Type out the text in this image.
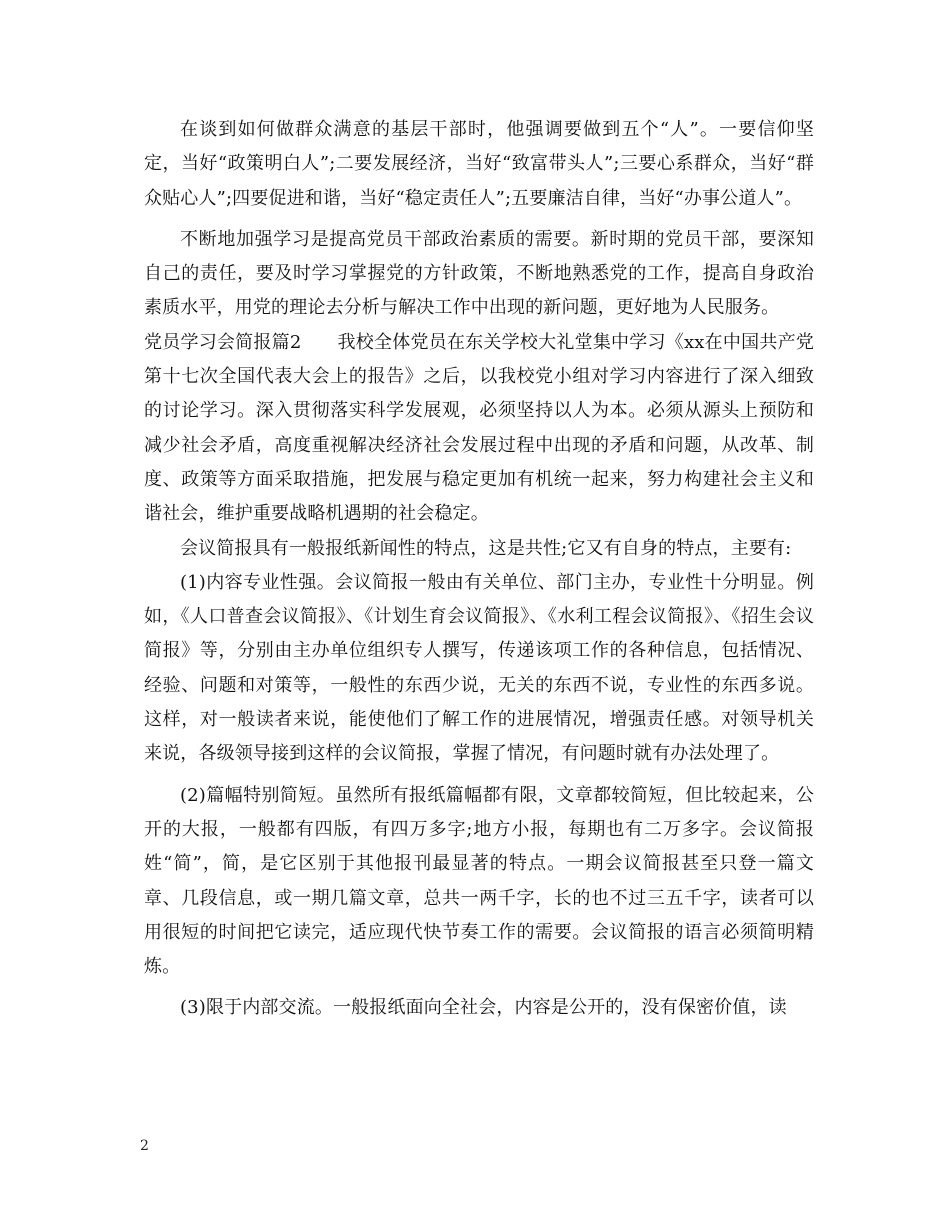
在谈到如何做群众满意的基层干部时，他强调要做到五个“人”。一要信仰坚定，当好“政策明白人”;二要发展经济，当好“致富带头人”;三要心系群众，当好“群众贴心人”;四要促进和谐，当好“稳定责任人”;五要廉洁自律，当好“办事公道人”。

不断地加强学习是提高党员干部政治素质的需要。新时期的党员干部，要深知自己的责任，要及时学习掌握党的方针政策，不断地熟悉党的工作，提高自身政治素质水平，用党的理论去分析与解决工作中出现的新问题，更好地为人民服务。

党员学习会简报篇2 我校全体党员在东关学校大礼堂集中学习《xx在中国共产党第十七次全国代表大会上的报告》之后，以我校党小组对学习内容进行了深入细致的讨论学习。深入贯彻落实科学发展观，必须坚持以人为本。必须从源头上预防和减少社会矛盾，高度重视解决经济社会发展过程中出现的矛盾和问题，从改革、制度、政策等方面采取措施，把发展与稳定更加有机统一起来，努力构建社会主义和谐社会，维护重要战略机遇期的社会稳定。

会议简报具有一般报纸新闻性的特点，这是共性;它又有自身的特点，主要有:

(1)内容专业性强。会议简报一般由有关单位、部门主办，专业性十分明显。例如，《人口普查会议简报》、《计划生育会议简报》、《水利工程会议简报》、《招生会议简报》等，分别由主办单位组织专人撰写，传递该项工作的各种信息，包括情况、经验、问题和对策等，一般性的东西少说，无关的东西不说，专业性的东西多说。这样，对一般读者来说，能使他们了解工作的进展情况，增强责任感。对领导机关来说，各级领导接到这样的会议简报，掌握了情况，有问题时就有办法处理了。

(2)篇幅特别简短。虽然所有报纸篇幅都有限，文章都较简短，但比较起来，公开的大报，一般都有四版，有四万多字;地方小报，每期也有二万多字。会议简报姓“简”，简，是它区别于其他报刊最显著的特点。一期会议简报甚至只登一篇文章、几段信息，或一期几篇文章，总共一两千字，长的也不过三五千字，读者可以用很短的时间把它读完，适应现代快节奏工作的需要。会议简报的语言必须简明精炼。

(3)限于内部交流。一般报纸面向全社会，内容是公开的，没有保密价值，读

2
